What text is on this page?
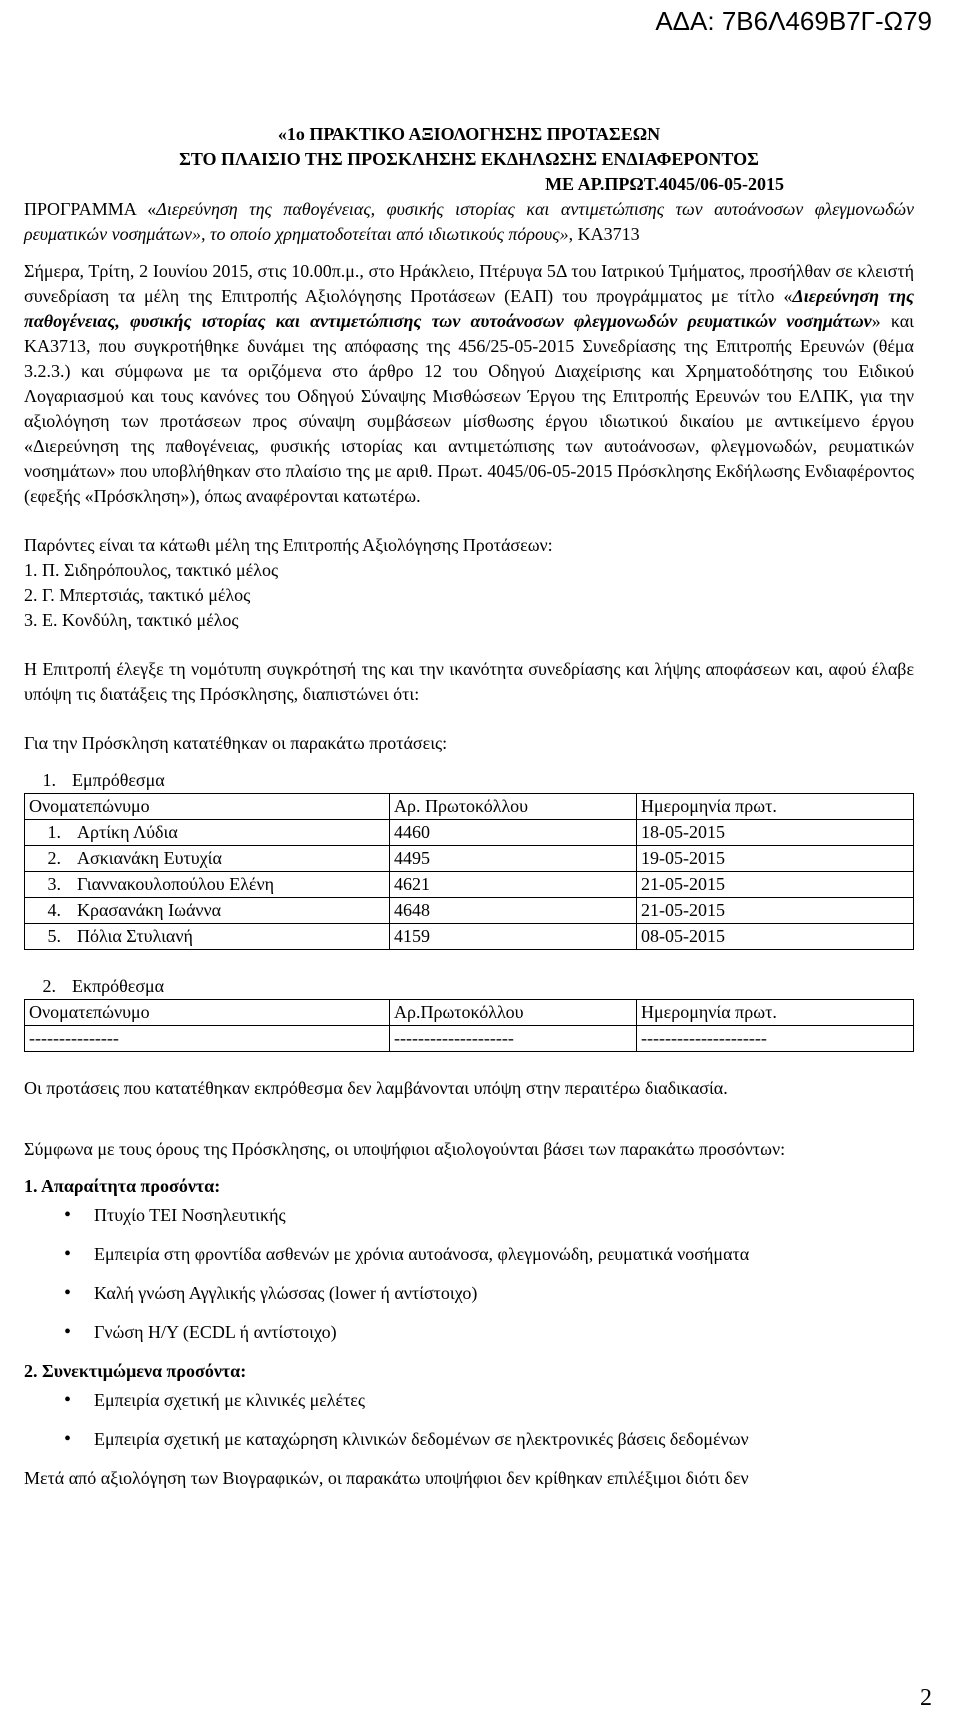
ΑΔΑ: 7Β6Λ469Β7Γ-Ω79
«1ο ΠΡΑΚΤΙΚΟ ΑΞΙΟΛΟΓΗΣΗΣ ΠΡΟΤΑΣΕΩΝ
ΣΤΟ ΠΛΑΙΣΙΟ ΤΗΣ ΠΡΟΣΚΛΗΣΗΣ ΕΚΔΗΛΩΣΗΣ ΕΝΔΙΑΦΕΡΟΝΤΟΣ
ΜΕ ΑΡ.ΠΡΩΤ.4045/06-05-2015
ΠΡΟΓΡΑΜΜΑ «Διερεύνηση της παθογένειας, φυσικής ιστορίας και αντιμετώπισης των αυτοάνοσων φλεγμονωδών ρευματικών νοσημάτων», το οποίο χρηματοδοτείται από ιδιωτικούς πόρους», ΚΑ3713
Σήμερα, Τρίτη, 2 Ιουνίου 2015, στις 10.00π.μ., στο Ηράκλειο, Πτέρυγα 5Δ του Ιατρικού Τμήματος, προσήλθαν σε κλειστή συνεδρίαση τα μέλη της Επιτροπής Αξιολόγησης Προτάσεων (ΕΑΠ) του προγράμματος με τίτλο «Διερεύνηση της παθογένειας, φυσικής ιστορίας και αντιμετώπισης των αυτοάνοσων φλεγμονωδών ρευματικών νοσημάτων» και ΚΑ3713, που συγκροτήθηκε δυνάμει της απόφασης της 456/25-05-2015 Συνεδρίασης της Επιτροπής Ερευνών (θέμα 3.2.3.) και σύμφωνα με τα οριζόμενα στο άρθρο 12 του Οδηγού Διαχείρισης και Χρηματοδότησης του Ειδικού Λογαριασμού και τους κανόνες του Οδηγού Σύναψης Μισθώσεων Έργου της Επιτροπής Ερευνών του ΕΛΠΚ, για την αξιολόγηση των προτάσεων προς σύναψη συμβάσεων μίσθωσης έργου ιδιωτικού δικαίου με αντικείμενο έργου «Διερεύνηση της παθογένειας, φυσικής ιστορίας και αντιμετώπισης των αυτοάνοσων, φλεγμονωδών, ρευματικών νοσημάτων» που υποβλήθηκαν στο πλαίσιο της με αριθ. Πρωτ. 4045/06-05-2015 Πρόσκλησης Εκδήλωσης Ενδιαφέροντος (εφεξής «Πρόσκληση»), όπως αναφέρονται κατωτέρω.
Παρόντες είναι τα κάτωθι μέλη της Επιτροπής Αξιολόγησης Προτάσεων:
1. Π. Σιδηρόπουλος, τακτικό μέλος
2. Γ. Μπερτσιάς, τακτικό μέλος
3. Ε. Κονδύλη, τακτικό μέλος
Η Επιτροπή έλεγξε τη νομότυπη συγκρότησή της και την ικανότητα συνεδρίασης και λήψης αποφάσεων και, αφού έλαβε υπόψη τις διατάξεις της Πρόσκλησης, διαπιστώνει ότι:
Για την Πρόσκληση κατατέθηκαν οι παρακάτω προτάσεις:
1. Εμπρόθεσμα
Ονοματεπώνυμο	Αρ. Πρωτοκόλλου	Ημερομηνία πρωτ.
1. Αρτίκη Λύδια	4460	18-05-2015
2. Ασκιανάκη Ευτυχία	4495	19-05-2015
3. Γιαννακουλοπούλου Ελένη	4621	21-05-2015
4. Κρασανάκη Ιωάννα	4648	21-05-2015
5. Πόλια Στυλιανή	4159	08-05-2015
2. Εκπρόθεσμα
Ονοματεπώνυμο	Αρ.Πρωτοκόλλου	Ημερομηνία πρωτ.
---------------	--------------------	---------------------
Οι προτάσεις που κατατέθηκαν εκπρόθεσμα δεν λαμβάνονται υπόψη στην περαιτέρω διαδικασία.
Σύμφωνα με τους όρους της Πρόσκλησης, οι υποψήφιοι αξιολογούνται βάσει των παρακάτω προσόντων:
1. Απαραίτητα προσόντα:
• Πτυχίο ΤΕΙ Νοσηλευτικής
• Εμπειρία στη φροντίδα ασθενών με χρόνια αυτοάνοσα, φλεγμονώδη, ρευματικά νοσήματα
• Καλή γνώση Αγγλικής γλώσσας (lower ή αντίστοιχο)
• Γνώση Η/Υ (ECDL ή αντίστοιχο)
2. Συνεκτιμώμενα προσόντα:
• Εμπειρία σχετική με κλινικές μελέτες
• Εμπειρία σχετική με καταχώρηση κλινικών δεδομένων σε ηλεκτρονικές βάσεις δεδομένων
Μετά από αξιολόγηση των Βιογραφικών, οι παρακάτω υποψήφιοι δεν κρίθηκαν επιλέξιμοι διότι δεν
2
